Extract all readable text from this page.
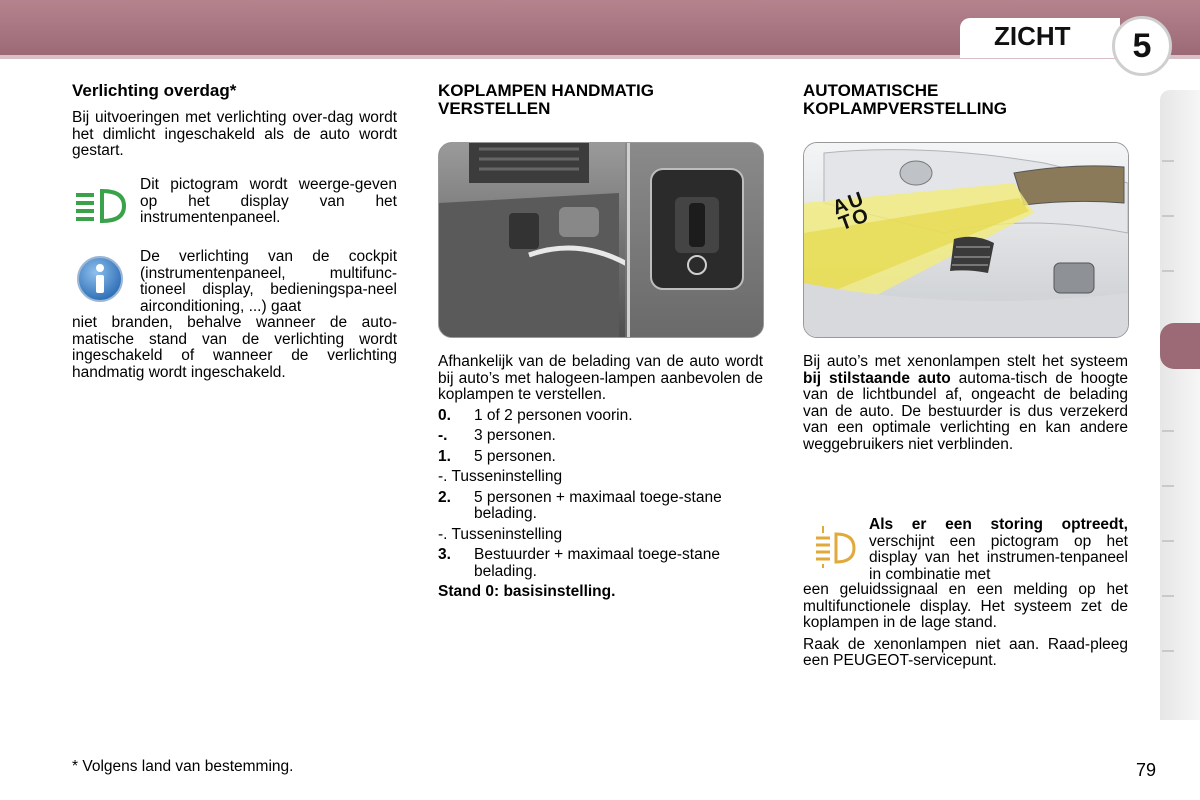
ZICHT	5
Verlichting overdag*

Bij uitvoeringen met verlichting over-dag wordt het dimlicht ingeschakeld als de auto wordt gestart.

Dit pictogram wordt weerge-geven op het display van het instrumentenpaneel.

De verlichting van de cockpit (instrumentenpaneel, multifunc-tioneel display, bedieningspa-neel airconditioning, ...) gaat

niet branden, behalve wanneer de auto-matische stand van de verlichting wordt ingeschakeld of wanneer de verlichting handmatig wordt ingeschakeld.

KOPLAMPEN HANDMATIG
VERSTELLEN

Afhankelijk van de belading van de auto wordt bij auto’s met halogeen-lampen aanbevolen de koplampen te verstellen.

0.	1 of 2 personen voorin.
-.	3 personen.
1.	5 personen.
-. Tusseninstelling
2.	5 personen + maximaal toege-stane belading.
-. Tusseninstelling
3.	Bestuurder + maximaal toege-stane belading.

Stand 0: basisinstelling.

AUTOMATISCHE
KOPLAMPVERSTELLING
AUTO

Bij auto’s met xenonlampen stelt het systeem bij stilstaande auto automa-tisch de hoogte van de lichtbundel af, ongeacht de belading van de auto. De bestuurder is dus verzekerd van een optimale verlichting en kan andere weggebruikers niet verblinden.

Als er een storing optreedt, verschijnt een pictogram op het display van het instrumen-tenpaneel in combinatie met

een geluidssignaal en een melding op het multifunctionele display. Het systeem zet de koplampen in de lage stand.

Raak de xenonlampen niet aan. Raad-pleeg een PEUGEOT-servicepunt.

* Volgens land van bestemming.	79
